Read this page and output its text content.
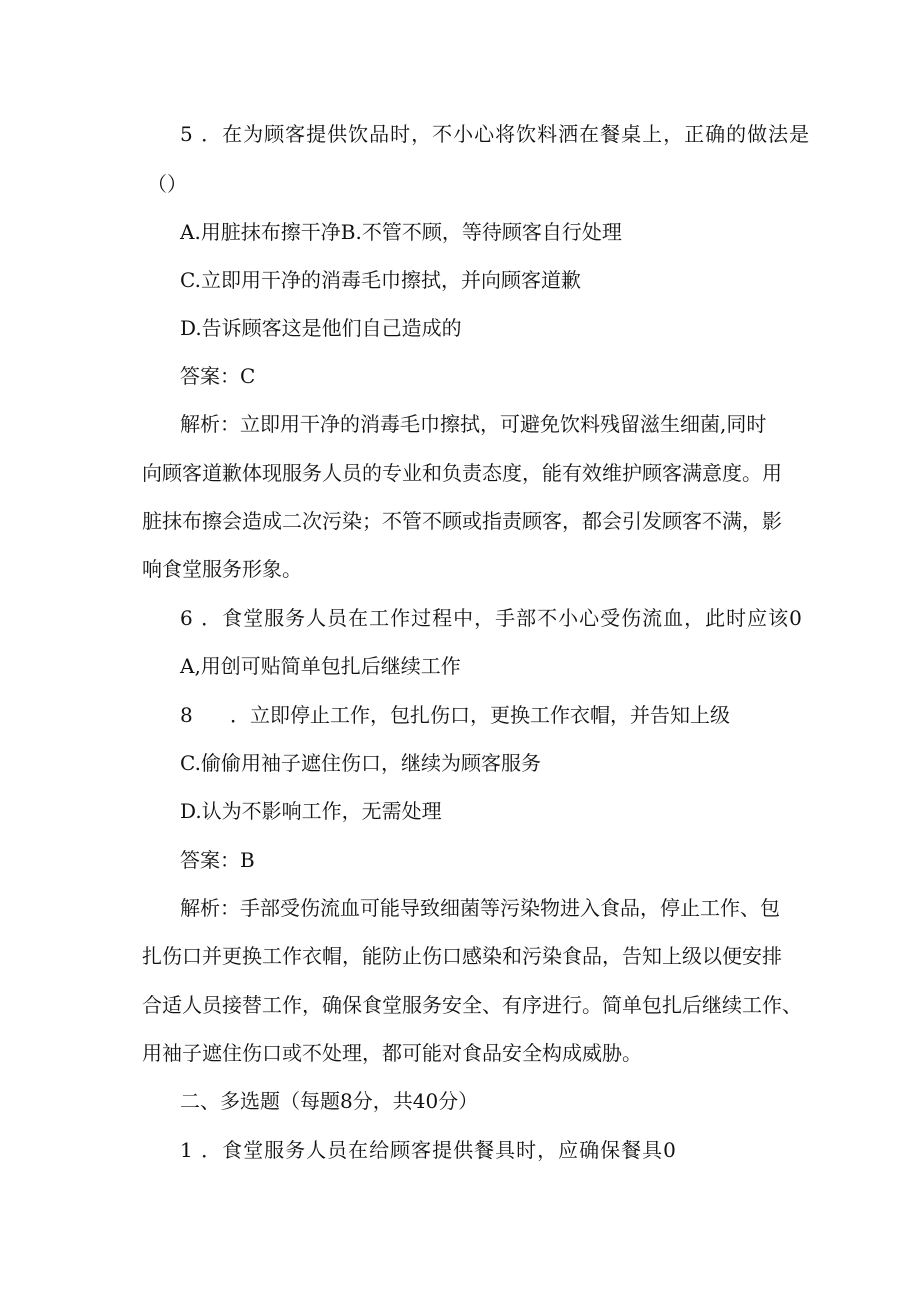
5 ．在为顾客提供饮品时，不小心将饮料洒在餐桌上，正确的做法是
（）
A.用脏抹布擦干净B.不管不顾，等待顾客自行处理
C.立即用干净的消毒毛巾擦拭，并向顾客道歉
D.告诉顾客这是他们自己造成的
答案：C
解析：立即用干净的消毒毛巾擦拭，可避免饮料残留滋生细菌,同时
向顾客道歉体现服务人员的专业和负责态度，能有效维护顾客满意度。用
脏抹布擦会造成二次污染；不管不顾或指责顾客，都会引发顾客不满，影
响食堂服务形象。
6 ．食堂服务人员在工作过程中，手部不小心受伤流血，此时应该0
A,用创可贴简单包扎后继续工作
8 ．立即停止工作，包扎伤口，更换工作衣帽，并告知上级
C.偷偷用袖子遮住伤口，继续为顾客服务
D.认为不影响工作，无需处理
答案：B
解析：手部受伤流血可能导致细菌等污染物进入食品，停止工作、包
扎伤口并更换工作衣帽，能防止伤口感染和污染食品，告知上级以便安排
合适人员接替工作，确保食堂服务安全、有序进行。简单包扎后继续工作、
用袖子遮住伤口或不处理，都可能对食品安全构成威胁。
二、多选题（每题8分，共40分）
1 ．食堂服务人员在给顾客提供餐具时，应确保餐具0
